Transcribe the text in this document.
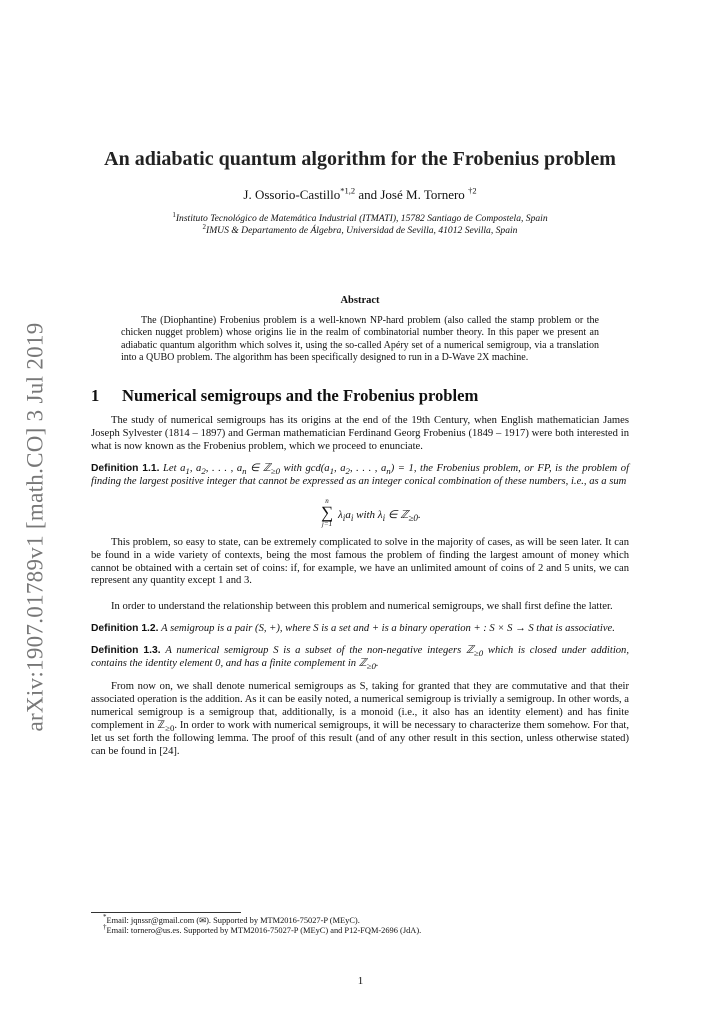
arXiv:1907.01789v1 [math.CO] 3 Jul 2019
An adiabatic quantum algorithm for the Frobenius problem
J. Ossorio-Castillo$^{*1,2}$ and José M. Tornero $^{\dagger 2}$
$^1$Instituto Tecnológico de Matemática Industrial (ITMATI), 15782 Santiago de Compostela, Spain
$^2$IMUS & Departamento de Álgebra, Universidad de Sevilla, 41012 Sevilla, Spain
Abstract

The (Diophantine) Frobenius problem is a well-known NP-hard problem (also called the stamp problem or the chicken nugget problem) whose origins lie in the realm of combinatorial number theory. In this paper we present an adiabatic quantum algorithm which solves it, using the so-called Apéry set of a numerical semigroup, via a translation into a QUBO problem. The algorithm has been specifically designed to run in a D-Wave 2X machine.

1	Numerical semigroups and the Frobenius problem

The study of numerical semigroups has its origins at the end of the 19th Century, when English mathematician James Joseph Sylvester (1814 – 1897) and German mathematician Ferdinand Georg Frobenius (1849 – 1917) were both interested in what is now known as the Frobenius problem, which we proceed to enunciate.

Definition 1.1. Let $a_1$, $a_2$, . . . , $a_n$ ∈ ℤ$_{\ge 0}$ with $\gcd(a_1$, $a_2$, . . . , $a_n) = 1$, the Frobenius problem, or FP, is the problem of finding the largest positive integer that cannot be expressed as an integer conical combination of these numbers, i.e., as a sum

n
∑
j=1
$\lambda_ia_i$ with $\lambda_i$ ∈ ℤ$_{\ge 0}$.

This problem, so easy to state, can be extremely complicated to solve in the majority of cases, as will be seen later. It can be found in a wide variety of contexts, being the most famous the problem of finding the largest amount of money which cannot be obtained with a certain set of coins: if, for example, we have an unlimited amount of coins of 2 and 5 units, we can represent any quantity except 1 and 3.

In order to understand the relationship between this problem and numerical semigroups, we shall first define the latter.

Definition 1.2. A semigroup is a pair (S, +), where S is a set and + is a binary operation + : S × S → S that is associative.

Definition 1.3. A numerical semigroup S is a subset of the non-negative integers ℤ$_{\ge 0}$ which is closed under addition, contains the identity element 0, and has a finite complement in ℤ$_{\ge 0}$.

From now on, we shall denote numerical semigroups as S, taking for granted that they are commutative and that their associated operation is the addition. As it can be easily noted, a numerical semigroup is trivially a semigroup. In other words, a numerical semigroup is a semigroup that, additionally, is a monoid (i.e., it also has an identity element) and has finite complement in ℤ$_{\ge 0}$. In order to work with numerical semigroups, it will be necessary to characterize them somehow. For that, let us set forth the following lemma. The proof of this result (and of any other result in this section, unless otherwise stated) can be found in [24].

*Email: jqnssr@gmail.com (✉). Supported by MTM2016-75027-P (MEyC).
†Email: tornero@us.es. Supported by MTM2016-75027-P (MEyC) and P12-FQM-2696 (JdA).
1
